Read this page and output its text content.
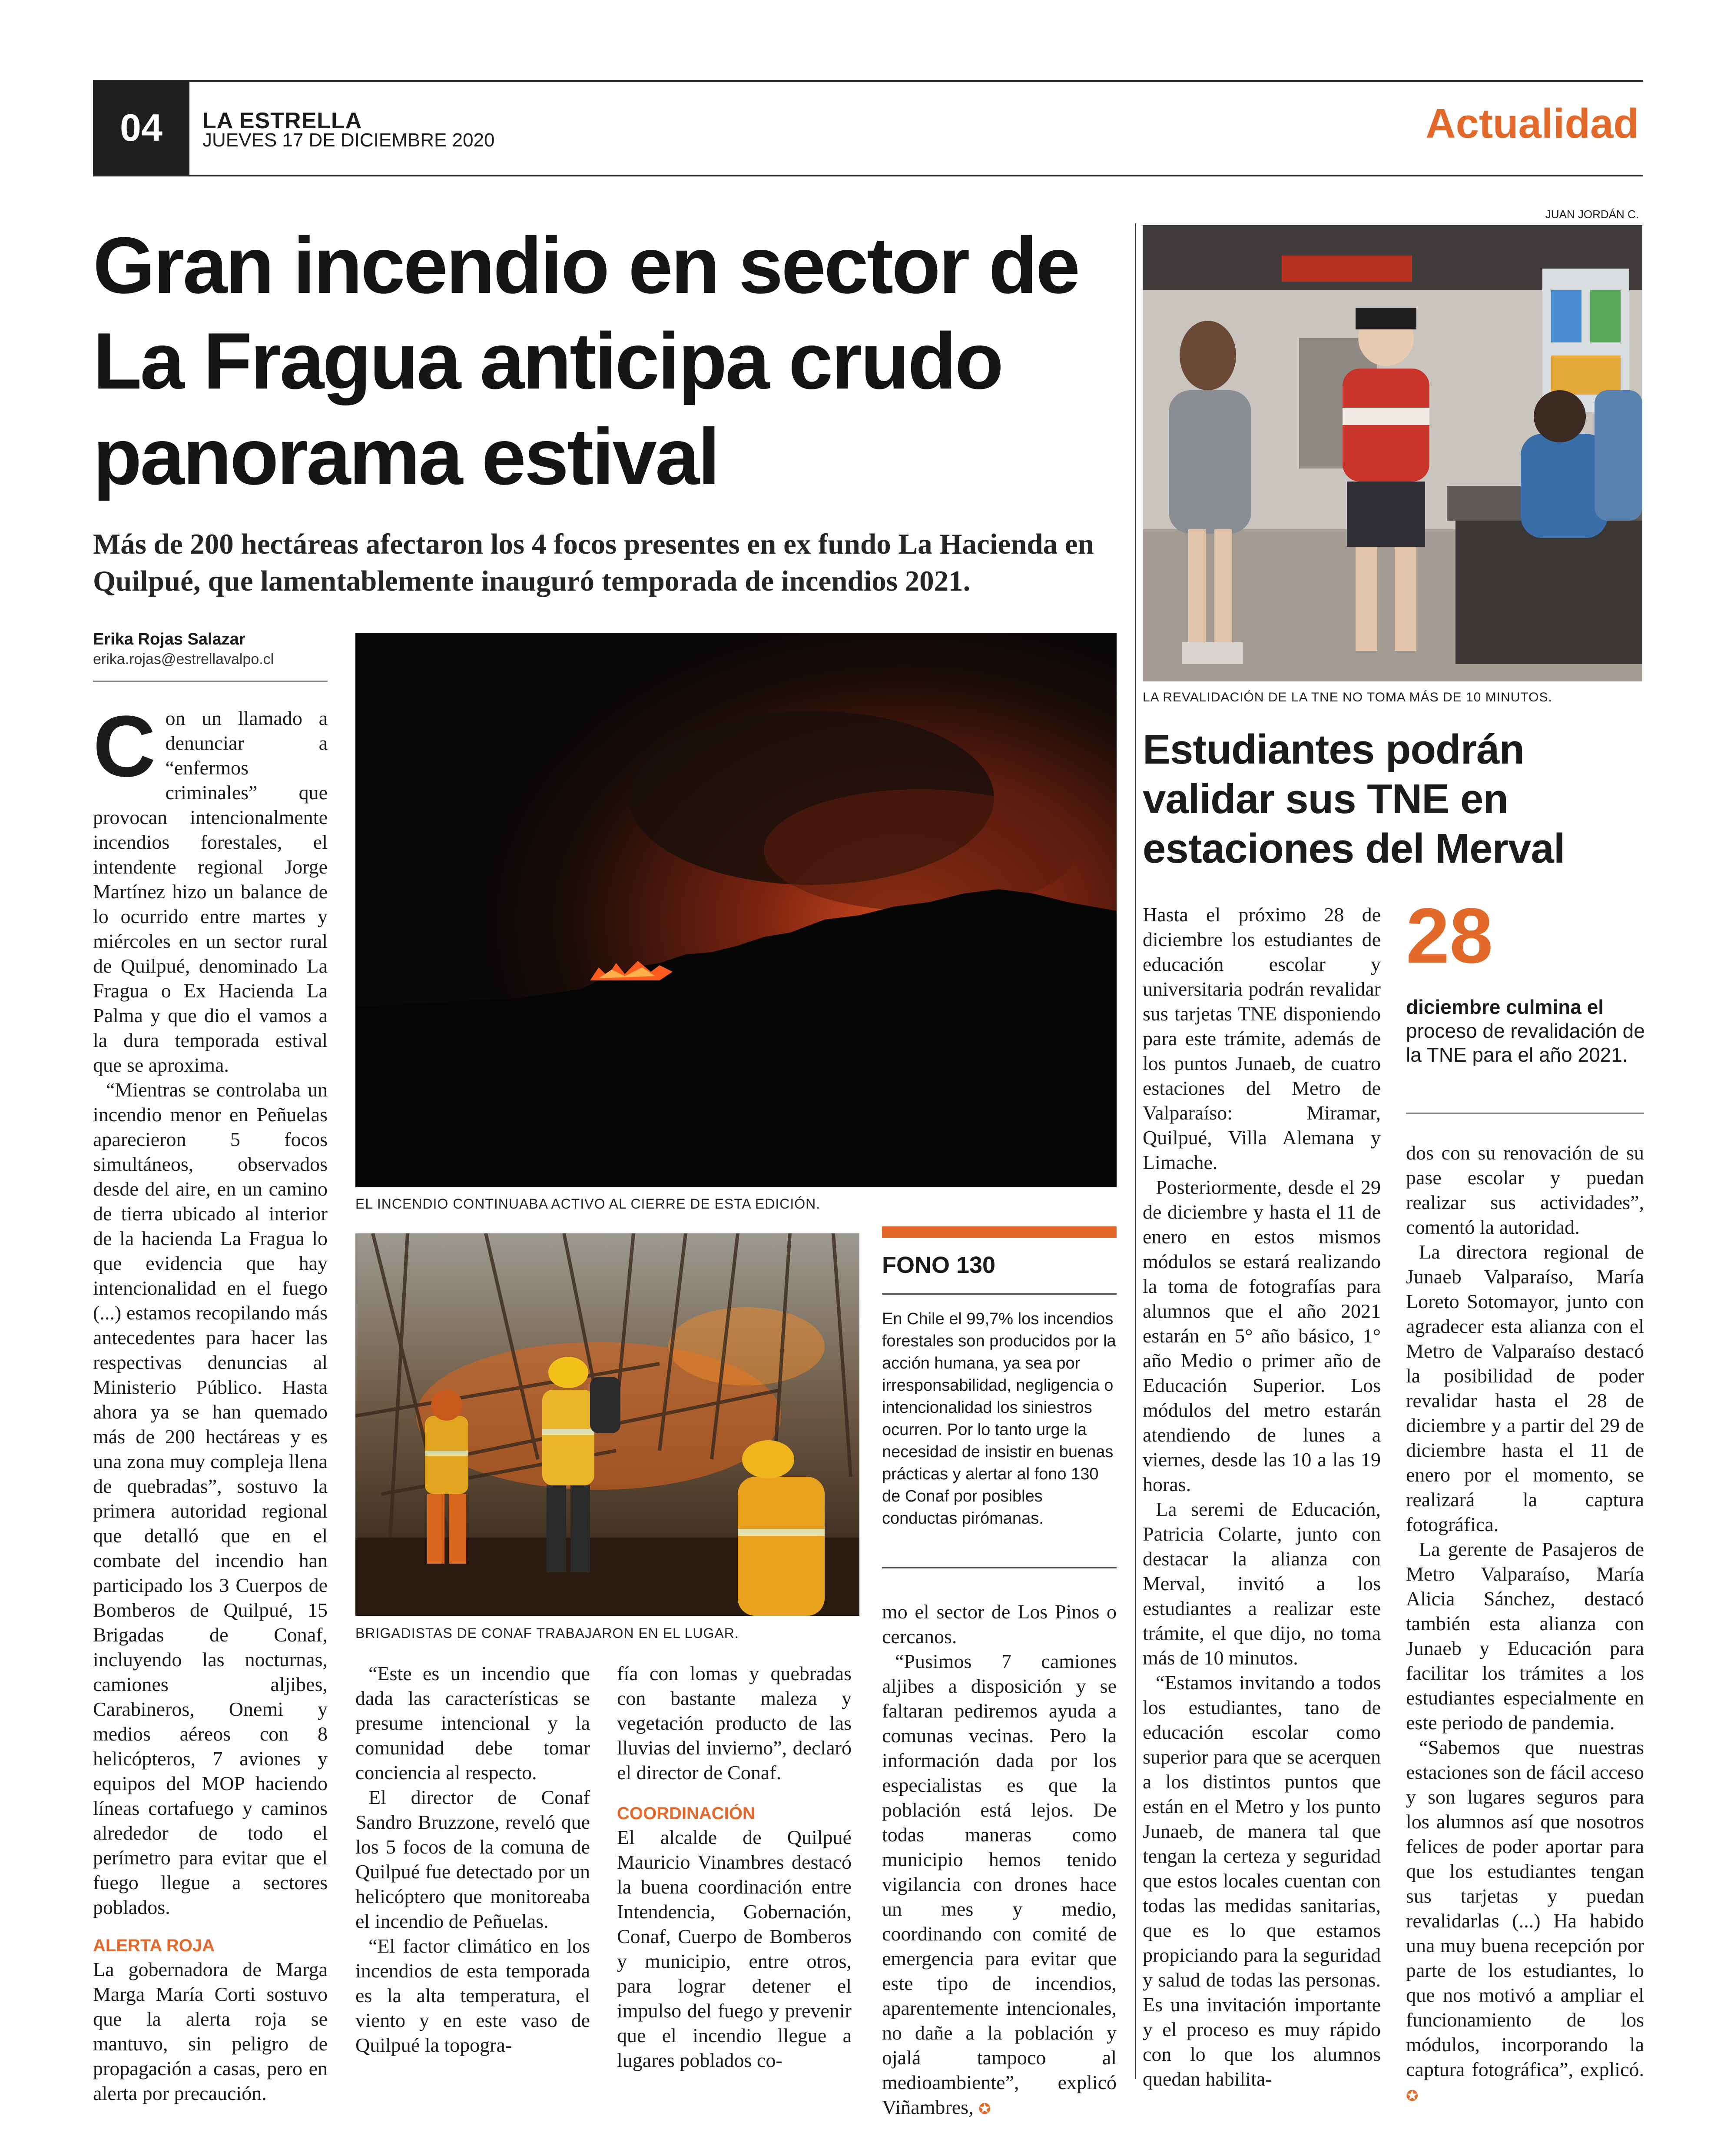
04	LA ESTRELLA
JUEVES 17 DE DICIEMBRE 2020	Actualidad
Gran incendio en sector de La Fragua anticipa crudo panorama estival

Más de 200 hectáreas afectaron los 4 focos presentes en ex fundo La Hacienda en Quilpué, que lamentablemente inauguró temporada de incendios 2021.

Erika Rojas Salazar
erika.rojas@estrellavalpo.cl

Con un llamado a denunciar a “enfermos criminales” que provocan intencionalmente incendios forestales, el intendente regional Jorge Martínez hizo un balance de lo ocurrido entre martes y miércoles en un sector rural de Quilpué, denominado La Fragua o Ex Hacienda La Palma y que dio el vamos a la dura temporada estival que se aproxima.

“Mientras se controlaba un incendio menor en Peñuelas aparecieron 5 focos simultáneos, observados desde del aire, en un camino de tierra ubicado al interior de la hacienda La Fragua lo que evidencia que hay intencionalidad en el fuego (...) estamos recopilando más antecedentes para hacer las respectivas denuncias al Ministerio Público. Hasta ahora ya se han quemado más de 200 hectáreas y es una zona muy compleja llena de quebradas”, sostuvo la primera autoridad regional que detalló que en el combate del incendio han participado los 3 Cuerpos de Bomberos de Quilpué, 15 Brigadas de Conaf, incluyendo las nocturnas, camiones aljibes, Carabineros, Onemi y medios aéreos con 8 helicópteros, 7 aviones y equipos del MOP haciendo líneas cortafuego y caminos alrededor de todo el perímetro para evitar que el fuego llegue a sectores poblados.

ALERTA ROJA

La gobernadora de Marga Marga María Corti sostuvo que la alerta roja se mantuvo, sin peligro de propagación a casas, pero en alerta por precaución.

EL INCENDIO CONTINUABA ACTIVO AL CIERRE DE ESTA EDICIÓN.
BRIGADISTAS DE CONAF TRABAJARON EN EL LUGAR.

“Este es un incendio que dada las características se presume intencional y la comunidad debe tomar conciencia al respecto.

El director de Conaf Sandro Bruzzone, reveló que los 5 focos de la comuna de Quilpué fue detectado por un helicóptero que monitoreaba el incendio de Peñuelas.

“El factor climático en los incendios de esta temporada es la alta temperatura, el viento y en este vaso de Quilpué la topogra-

fía con lomas y quebradas con bastante maleza y vegetación producto de las lluvias del invierno”, declaró el director de Conaf.

COORDINACIÓN

El alcalde de Quilpué Mauricio Vinambres destacó la buena coordinación entre Intendencia, Gobernación, Conaf, Cuerpo de Bomberos y municipio, entre otros, para lograr detener el impulso del fuego y prevenir que el incendio llegue a lugares poblados co-

FONO 130

En Chile el 99,7% los incendios forestales son producidos por la acción humana, ya sea por irresponsabilidad, negligencia o intencionalidad los siniestros ocurren. Por lo tanto urge la necesidad de insistir en buenas prácticas y alertar al fono 130 de Conaf por posibles conductas pirómanas.

mo el sector de Los Pinos o cercanos.

“Pusimos 7 camiones aljibes a disposición y se faltaran pediremos ayuda a comunas vecinas. Pero la información dada por los especialistas es que la población está lejos. De todas maneras como municipio hemos tenido vigilancia con drones hace un mes y medio, coordinando con comité de emergencia para evitar que este tipo de incendios, aparentemente intencionales, no dañe a la población y ojalá tampoco al medioambiente”, explicó Viñambres, ✪

JUAN JORDÁN C.
LA REVALIDACIÓN DE LA TNE NO TOMA MÁS DE 10 MINUTOS.
Estudiantes podrán validar sus TNE en estaciones del Merval
28

diciembre culmina el proceso de revalidación de la TNE para el año 2021.

Hasta el próximo 28 de diciembre los estudiantes de educación escolar y universitaria podrán revalidar sus tarjetas TNE disponiendo para este trámite, además de los puntos Junaeb, de cuatro estaciones del Metro de Valparaíso: Miramar, Quilpué, Villa Alemana y Limache.

Posteriormente, desde el 29 de diciembre y hasta el 11 de enero en estos mismos módulos se estará realizando la toma de fotografías para alumnos que el año 2021 estarán en 5° año básico, 1° año Medio o primer año de Educación Superior. Los módulos del metro estarán atendiendo de lunes a viernes, desde las 10 a las 19 horas.

La seremi de Educación, Patricia Colarte, junto con destacar la alianza con Merval, invitó a los estudiantes a realizar este trámite, el que dijo, no toma más de 10 minutos.

“Estamos invitando a todos los estudiantes, tano de educación escolar como superior para que se acerquen a los distintos puntos que están en el Metro y los punto Junaeb, de manera tal que tengan la certeza y seguridad que estos locales cuentan con todas las medidas sanitarias, que es lo que estamos propiciando para la seguridad y salud de todas las personas. Es una invitación importante y el proceso es muy rápido con lo que los alumnos quedan habilita-

dos con su renovación de su pase escolar y puedan realizar sus actividades”, comentó la autoridad.

La directora regional de Junaeb Valparaíso, María Loreto Sotomayor, junto con agradecer esta alianza con el Metro de Valparaíso destacó la posibilidad de poder revalidar hasta el 28 de diciembre y a partir del 29 de diciembre hasta el 11 de enero por el momento, se realizará la captura fotográfica.

La gerente de Pasajeros de Metro Valparaíso, María Alicia Sánchez, destacó también esta alianza con Junaeb y Educación para facilitar los trámites a los estudiantes especialmente en este periodo de pandemia.

“Sabemos que nuestras estaciones son de fácil acceso y son lugares seguros para los alumnos así que nosotros felices de poder aportar para que los estudiantes tengan sus tarjetas y puedan revalidarlas (...) Ha habido una muy buena recepción por parte de los estudiantes, lo que nos motivó a ampliar el funcionamiento de los módulos, incorporando la captura fotográfica”, explicó. ✪
